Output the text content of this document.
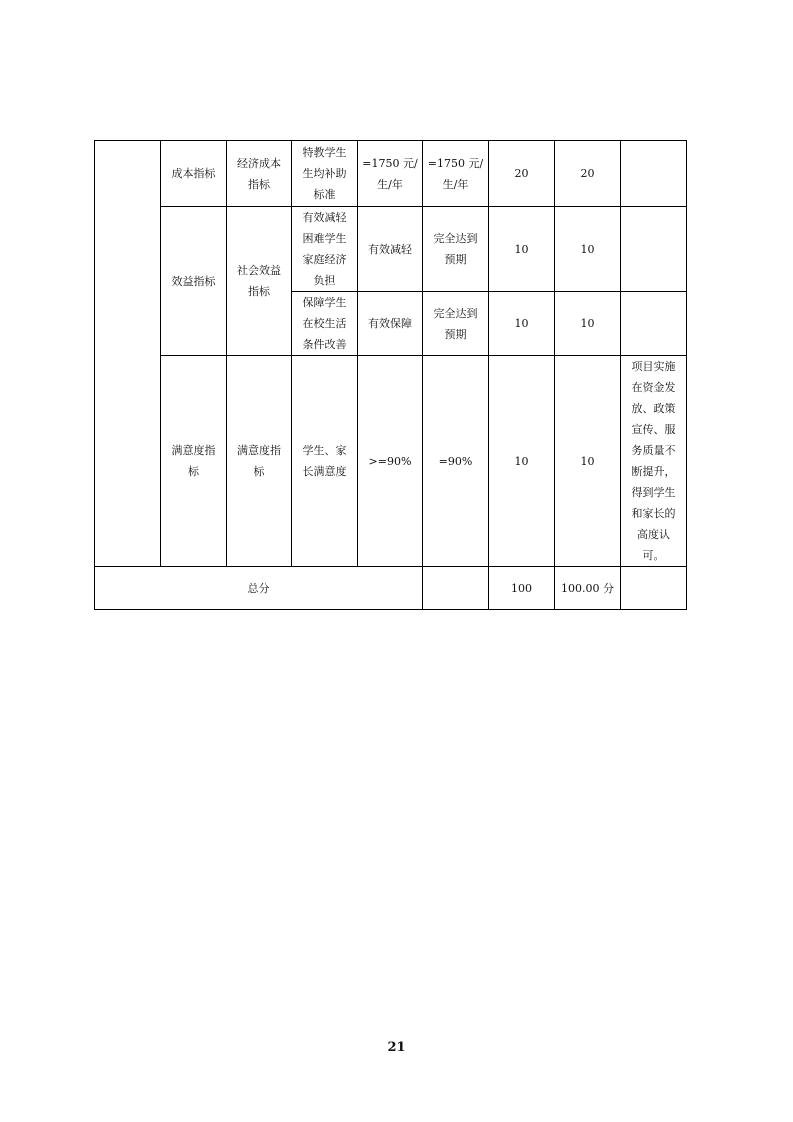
	成本指标	经济成本指标	特教学生生均补助标准	=1750 元/生/年	=1750 元/生/年	20	20	
	效益指标	社会效益指标	有效减轻困难学生家庭经济负担	有效减轻	完全达到预期	10	10	
			保障学生在校生活条件改善	有效保障	完全达到预期	10	10	
	满意度指标	满意度指标	学生、家长满意度	>=90%	=90%	10	10	项目实施在资金发放、政策宣传、服务质量不断提升，得到学生和家长的高度认可。
总分						100	100.00 分	
21
